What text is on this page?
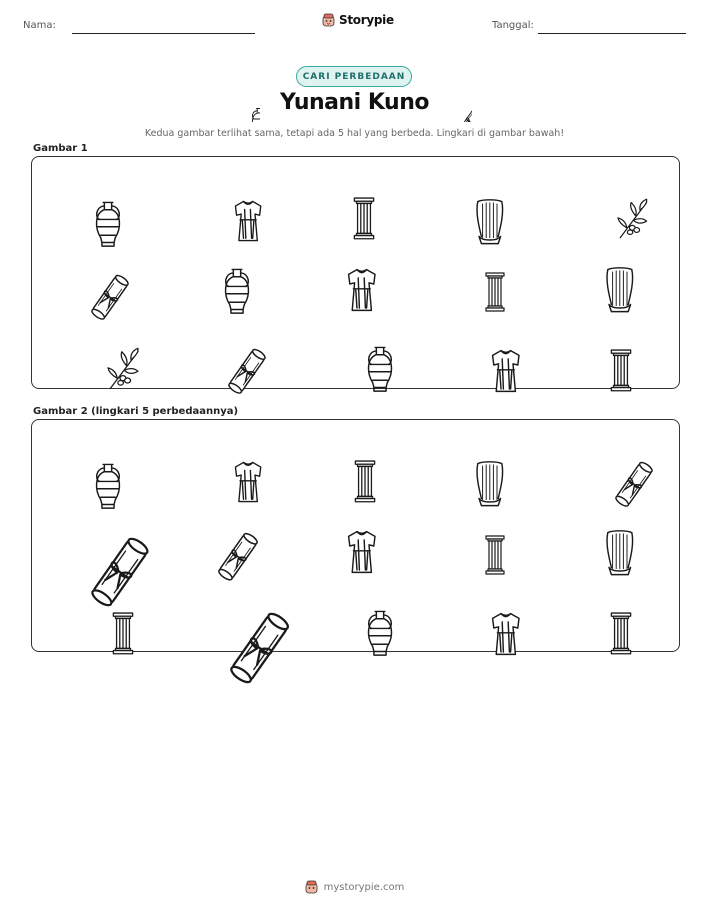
Nama:	Storypie	Tanggal:
CARI PERBEDAAN
Yunani Kuno
Kedua gambar terlihat sama, tetapi ada 5 hal yang berbeda. Lingkari di gambar bawah!
Gambar 1
Gambar 2 (lingkari 5 perbedaannya)
mystorypie.com
